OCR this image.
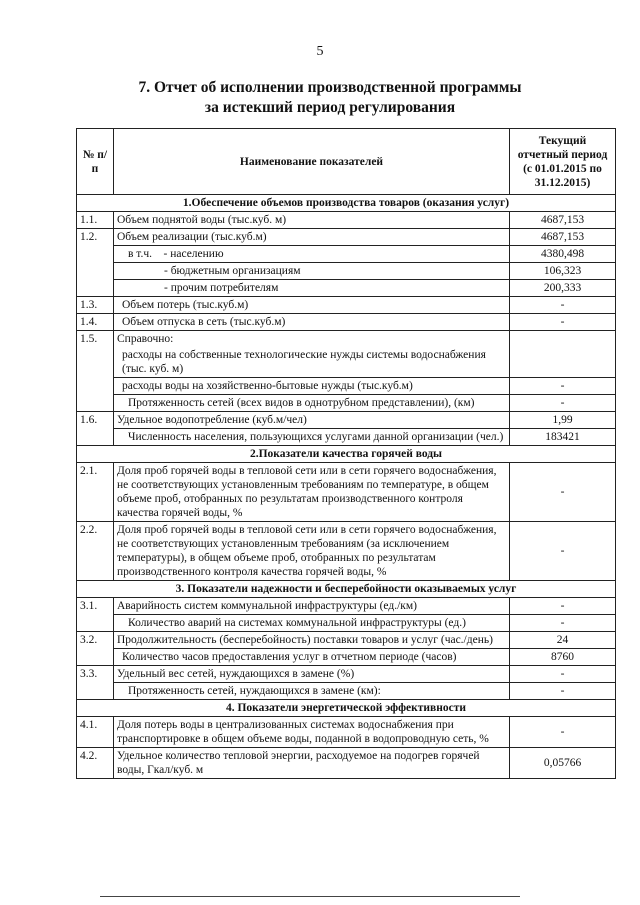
5
7. Отчет об исполнении производственной программы
за истекший период регулирования
№ п/п	Наименование показателей	Текущий отчетный период (с 01.01.2015 по 31.12.2015)
1.Обеспечение объемов производства товаров (оказания услуг)		
1.1.	Объем поднятой воды (тыс.куб. м)	4687,153
1.2.	Объем реализации (тыс.куб.м)	4687,153
	в т.ч.    - населению	4380,498
	- бюджетным организациям	106,323
	- прочим потребителям	200,333
1.3.	Объем потерь (тыс.куб.м)	-
1.4.	Объем отпуска в сеть (тыс.куб.м)	-
1.5.	Справочно:	
	расходы на собственные технологические нужды системы водоснабжения (тыс. куб. м)	
	расходы воды на хозяйственно-бытовые нужды (тыс.куб.м)	-
	Протяженность сетей (всех видов в однотрубном представлении), (км)	-
1.6.	Удельное водопотребление (куб.м/чел)	1,99
	Численность населения, пользующихся услугами данной организации (чел.)	183421
2.Показатели качества горячей воды		
2.1.	Доля проб горячей воды в тепловой сети или в сети горячего водоснабжения, не соответствующих установленным требованиям по температуре, в общем объеме проб, отобранных по результатам производственного контроля качества горячей воды, %	-
2.2.	Доля проб горячей воды в тепловой сети или в сети горячего водоснабжения, не соответствующих установленным требованиям (за исключением температуры), в общем объеме проб, отобранных по результатам производственного контроля качества горячей воды, %	-
3. Показатели надежности и бесперебойности оказываемых услуг		
3.1.	Аварийность систем коммунальной инфраструктуры (ед./км)	-
	Количество аварий на системах коммунальной инфраструктуры (ед.)	-
3.2.	Продолжительность (бесперебойность) поставки товаров и услуг (час./день)	24
	Количество часов предоставления услуг в отчетном периоде (часов)	8760
3.3.	Удельный вес сетей, нуждающихся в замене (%)	-
	Протяженность сетей, нуждающихся в замене (км):	-
4. Показатели энергетической эффективности		
4.1.	Доля потерь воды в централизованных системах водоснабжения при транспортировке в общем объеме воды, поданной в водопроводную сеть, %	-
4.2.	Удельное количество тепловой энергии, расходуемое на подогрев горячей воды, Гкал/куб. м	0,05766
